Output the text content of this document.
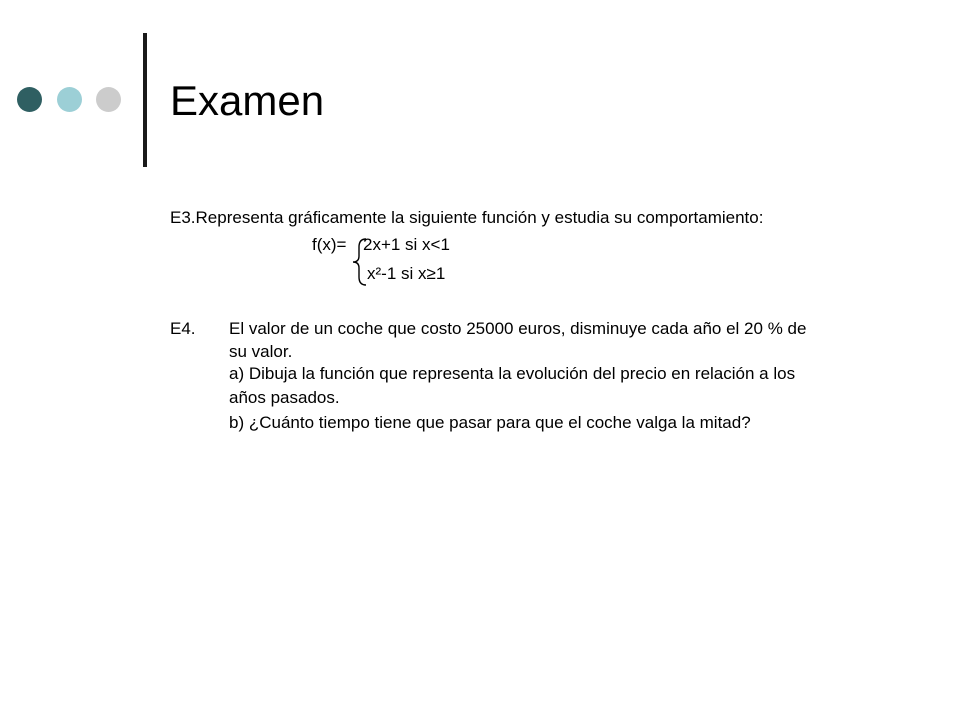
Examen
E3.Representa gráficamente la siguiente función y estudia su comportamiento:
f(x)= 2x+1 si x<1
x²-1 si x≥1
E4. El valor de un coche que costo 25000 euros, disminuye cada año el 20 % de
su valor.
a) Dibuja la función que representa la evolución del precio en relación a los
años pasados.
b) ¿Cuánto tiempo tiene que pasar para que el coche valga la mitad?
